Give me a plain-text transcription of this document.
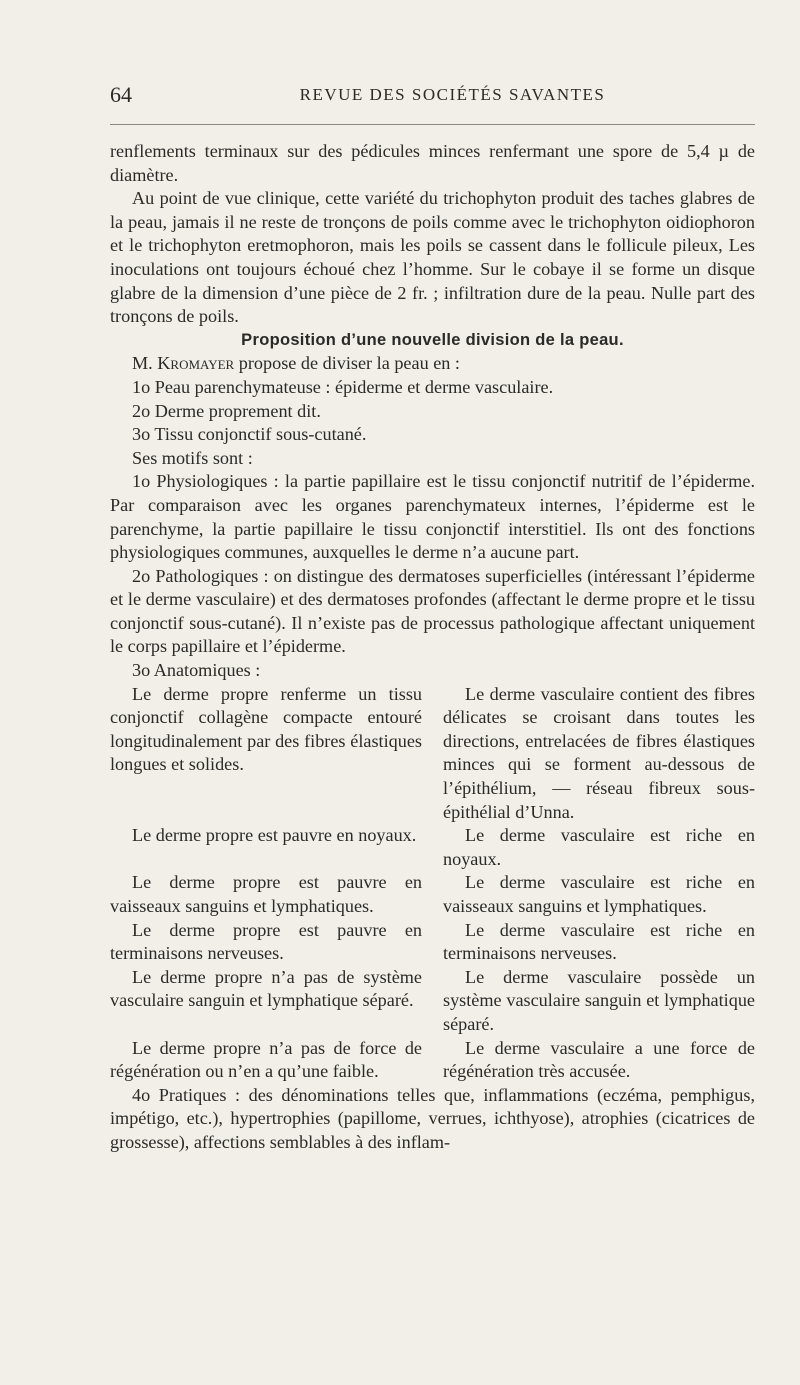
64	REVUE DES SOCIÉTÉS SAVANTES

renflements terminaux sur des pédicules minces renfermant une spore de 5,4 µ de diamètre.

Au point de vue clinique, cette variété du trichophyton produit des taches glabres de la peau, jamais il ne reste de tronçons de poils comme avec le trichophyton oidiophoron et le trichophyton eretmophoron, mais les poils se cassent dans le follicule pileux, Les inoculations ont toujours échoué chez l’homme. Sur le cobaye il se forme un disque glabre de la dimension d’une pièce de 2 fr. ; infiltration dure de la peau. Nulle part des tronçons de poils.

Proposition d’une nouvelle division de la peau.

M. Kromayer propose de diviser la peau en :

1o Peau parenchymateuse : épiderme et derme vasculaire.

2o Derme proprement dit.

3o Tissu conjonctif sous-cutané.

Ses motifs sont :

1o Physiologiques : la partie papillaire est le tissu conjonctif nutritif de l’épiderme. Par comparaison avec les organes parenchymateux internes, l’épiderme est le parenchyme, la partie papillaire le tissu conjonctif interstitiel. Ils ont des fonctions physiologiques communes, auxquelles le derme n’a aucune part.

2o Pathologiques : on distingue des dermatoses superficielles (intéressant l’épiderme et le derme vasculaire) et des dermatoses profondes (affectant le derme propre et le tissu conjonctif sous-cutané). Il n’existe pas de processus pathologique affectant uniquement le corps papillaire et l’épiderme.

3o Anatomiques :

Le derme propre renferme un tissu conjonctif collagène compacte entouré longitudinalement par des fibres élastiques longues et solides.

Le derme vasculaire contient des fibres délicates se croisant dans toutes les directions, entrelacées de fibres élastiques minces qui se forment au-dessous de l’épithélium, — réseau fibreux sous-épithélial d’Unna.

Le derme propre est pauvre en noyaux.	Le derme vasculaire est riche en noyaux.

Le derme propre est pauvre en vaisseaux sanguins et lymphatiques.

Le derme vasculaire est riche en vaisseaux sanguins et lymphatiques.

Le derme propre est pauvre en terminaisons nerveuses.

Le derme vasculaire est riche en terminaisons nerveuses.

Le derme propre n’a pas de système vasculaire sanguin et lymphatique séparé.

Le derme vasculaire possède un système vasculaire sanguin et lymphatique séparé.

Le derme propre n’a pas de force de régénération ou n’en a qu’une faible.

Le derme vasculaire a une force de régénération très accusée.

4o Pratiques : des dénominations telles que, inflammations (eczéma, pemphigus, impétigo, etc.), hypertrophies (papillome, verrues, ichthyose), atrophies (cicatrices de grossesse), affections semblables à des inflam-
